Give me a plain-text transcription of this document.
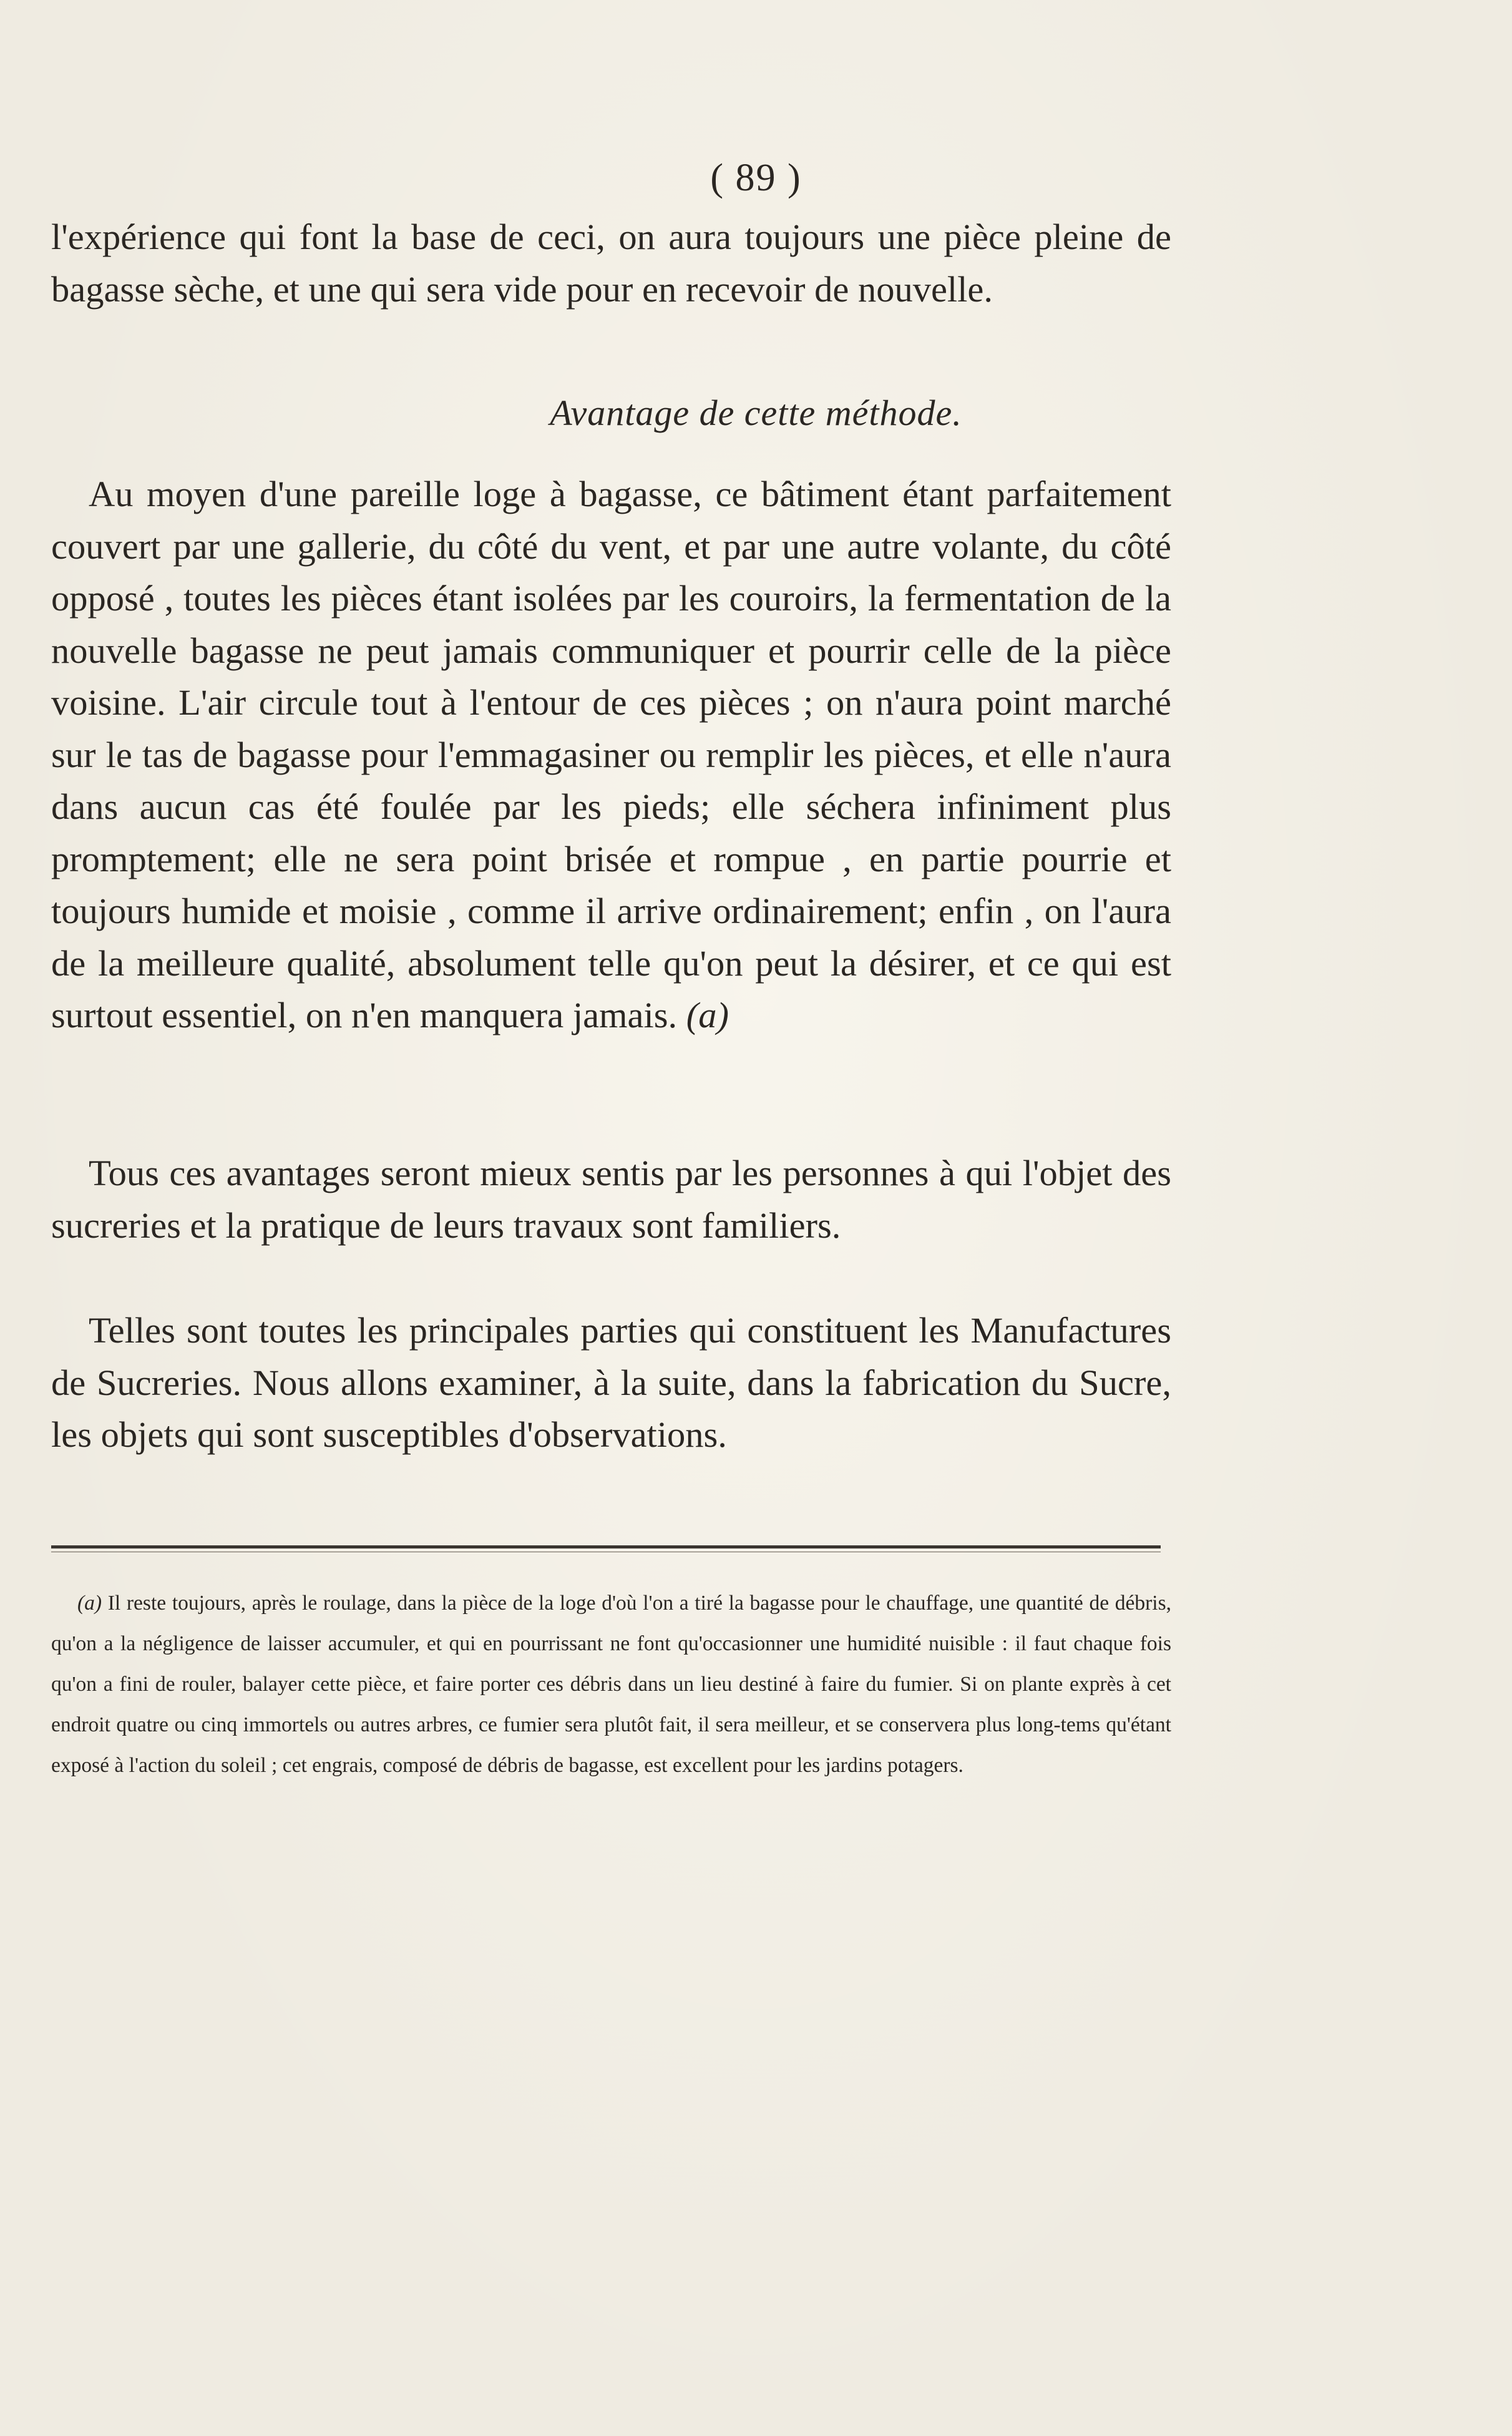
( 89 )

l'expérience qui font la base de ceci, on aura toujours une pièce pleine de bagasse sèche, et une qui sera vide pour en recevoir de nouvelle.

Avantage de cette méthode.

Au moyen d'une pareille loge à bagasse, ce bâtiment étant parfaitement couvert par une gallerie, du côté du vent, et par une autre volante, du côté opposé , toutes les pièces étant isolées par les couroirs, la fermentation de la nouvelle bagasse ne peut jamais communiquer et pourrir celle de la pièce voisine. L'air circule tout à l'entour de ces pièces ; on n'aura point marché sur le tas de bagasse pour l'emmagasiner ou remplir les pièces, et elle n'aura dans aucun cas été foulée par les pieds; elle séchera infiniment plus promptement; elle ne sera point brisée et rompue , en partie pourrie et toujours humide et moisie , comme il arrive ordinairement; enfin , on l'aura de la meilleure qualité, absolument telle qu'on peut la désirer, et ce qui est surtout essentiel, on n'en manquera jamais. (a)

Tous ces avantages seront mieux sentis par les personnes à qui l'objet des sucreries et la pratique de leurs travaux sont familiers.

Telles sont toutes les principales parties qui constituent les Manufactures de Sucreries. Nous allons examiner, à la suite, dans la fabrication du Sucre, les objets qui sont susceptibles d'observations.

(a) Il reste toujours, après le roulage, dans la pièce de la loge d'où l'on a tiré la bagasse pour le chauffage, une quantité de débris, qu'on a la négligence de laisser accumuler, et qui en pourrissant ne font qu'occasionner une humidité nuisible : il faut chaque fois qu'on a fini de rouler, balayer cette pièce, et faire porter ces débris dans un lieu destiné à faire du fumier. Si on plante exprès à cet endroit quatre ou cinq immortels ou autres arbres, ce fumier sera plutôt fait, il sera meilleur, et se conservera plus long-tems qu'étant exposé à l'action du soleil ; cet engrais, composé de débris de bagasse, est excellent pour les jardins potagers.
